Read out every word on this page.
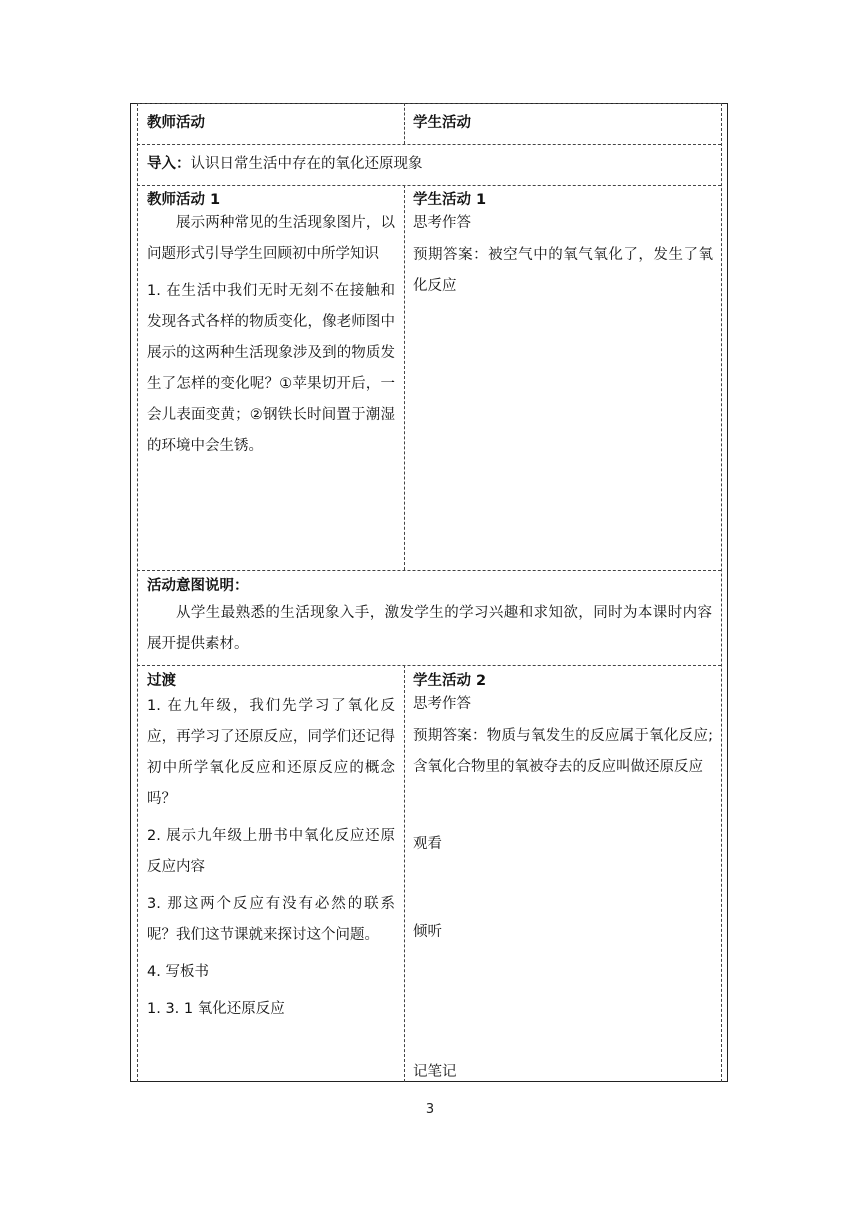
教师活动	学生活动
导入：认识日常生活中存在的氧化还原现象
教师活动 1

展示两种常见的生活现象图片，以问题形式引导学生回顾初中所学知识

1. 在生活中我们无时无刻不在接触和发现各式各样的物质变化，像老师图中展示的这两种生活现象涉及到的物质发生了怎样的变化呢？①苹果切开后，一会儿表面变黄；②钢铁长时间置于潮湿的环境中会生锈。

学生活动 1

思考作答

预期答案：被空气中的氧气氧化了，发生了氧化反应

活动意图说明：

从学生最熟悉的生活现象入手，激发学生的学习兴趣和求知欲，同时为本课时内容展开提供素材。

过渡

1. 在九年级，我们先学习了氧化反应，再学习了还原反应，同学们还记得初中所学氧化反应和还原反应的概念吗？

2. 展示九年级上册书中氧化反应还原反应内容

3. 那这两个反应有没有必然的联系呢？我们这节课就来探讨这个问题。

4. 写板书

1. 3. 1 氧化还原反应

学生活动 2

思考作答

预期答案：物质与氧发生的反应属于氧化反应;含氧化合物里的氧被夺去的反应叫做还原反应

观看
倾听
记笔记
3
